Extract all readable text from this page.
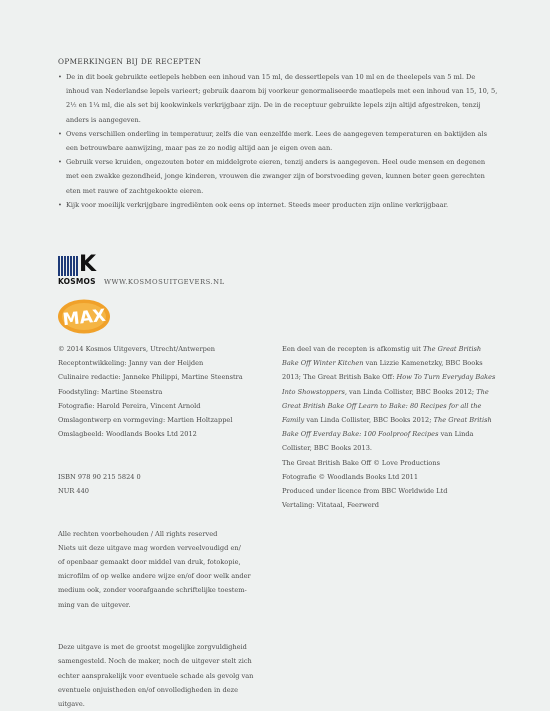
OPMERKINGEN BIJ DE RECEPTEN
• De in dit boek gebruikte eetlepels hebben een inhoud van 15 ml, de dessertlepels van 10 ml en de theelepels van 5 ml. De inhoud van Nederlandse lepels varieert; gebruik daarom bij voorkeur genormaliseerde maatlepels met een inhoud van 15, 10, 5, 2½ en 1¼ ml, die als set bij kookwinkels verkrijgbaar zijn. De in de receptuur gebruikte lepels zijn altijd afgestreken, tenzij anders is aangegeven.
• Ovens verschillen onderling in temperatuur, zelfs die van eenzelfde merk. Lees de aangegeven temperaturen en baktijden als een betrouwbare aanwijzing, maar pas ze zo nodig altijd aan je eigen oven aan.
• Gebruik verse kruiden, ongezouten boter en middelgrote eieren, tenzij anders is aangegeven. Heel oude mensen en degenen met een zwakke gezondheid, jonge kinderen, vrouwen die zwanger zijn of borstvoeding geven, kunnen beter geen gerechten eten met rauwe of zachtgekookte eieren.
• Kijk voor moeilijk verkrijgbare ingrediënten ook eens op internet. Steeds meer producten zijn online verkrijgbaar.
K
KOSMOS WWW.KOSMOSUITGEVERS.NL
MAX

© 2014 Kosmos Uitgevers, Utrecht/Antwerpen

Receptontwikkeling: Janny van der Heijden

Culinaire redactie: Janneke Philippi, Martine Steenstra

Foodstyling: Martine Steenstra

Fotografie: Harold Pereira, Vincent Arnold

Omslagontwerp en vormgeving: Martien Holtzappel

Omslagbeeld: Woodlands Books Ltd 2012

ISBN 978 90 215 5824 0

NUR 440

Alle rechten voorbehouden / All rights reserved

Niets uit deze uitgave mag worden verveelvoudigd en/

of openbaar gemaakt door middel van druk, fotokopie,

microfilm of op welke andere wijze en/of door welk ander

medium ook, zonder voorafgaande schriftelijke toestem-

ming van de uitgever.

Deze uitgave is met de grootst mogelijke zorgvuldigheid

samengesteld. Noch de maker, noch de uitgever stelt zich

echter aansprakelijk voor eventuele schade als gevolg van

eventuele onjuistheden en/of onvolledigheden in deze

uitgave.

Een deel van de recepten is afkomstig uit The Great British Bake Off Winter Kitchen van Lizzie Kamenetzky, BBC Books 2013; The Great British Bake Off: How To Turn Everyday Bakes Into Showstoppers, van Linda Collister, BBC Books 2012; The Great British Bake Off Learn to Bake: 80 Recipes for all the Family van Linda Collister, BBC Books 2012; The Great British Bake Off Everday Bake: 100 Foolproof Recipes van Linda Collister, BBC Books 2013.

The Great British Bake Off © Love Productions

Fotografie © Woodlands Books Ltd 2011

Produced under licence from BBC Worldwide Ltd

Vertaling: Vitataal, Feerwerd
